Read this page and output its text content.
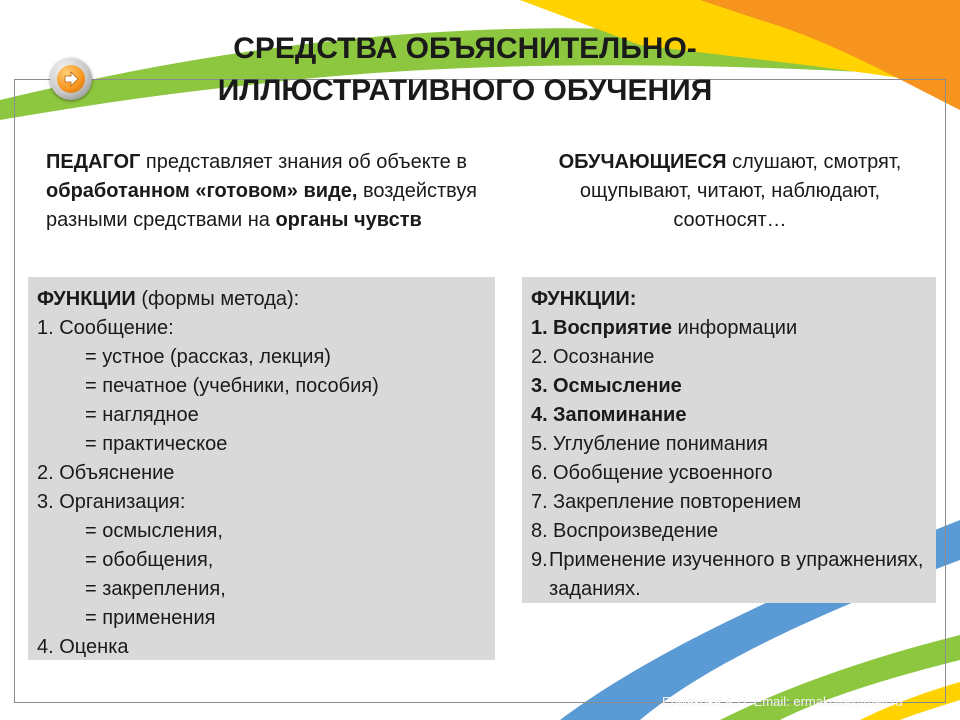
СРЕДСТВА ОБЪЯСНИТЕЛЬНО-
ИЛЛЮСТРАТИВНОГО ОБУЧЕНИЯ
ПЕДАГОГ представляет знания об объекте в обработанном «готовом» виде, воздействуя разными средствами на органы чувств
ОБУЧАЮЩИЕСЯ слушают, смотрят, ощупывают, читают, наблюдают, соотносят…
ФУНКЦИИ (формы метода):
1. Сообщение:
= устное (рассказ, лекция)
= печатное (учебники, пособия)
= наглядное
= практическое
2. Объяснение
3. Организация:
= осмысления,
= обобщения,
= закрепления,
= применения
4. Оценка
ФУНКЦИИ:
1. Восприятие информации
2. Осознание
3. Осмысление
4. Запоминание
5. Углубление понимания
6. Обобщение усвоенного
7. Закрепление повторением
8. Воспроизведение
9. Применение изученного в упражнениях, заданиях.
Ермакова А.Н. Email: ermakova@mail.ru
